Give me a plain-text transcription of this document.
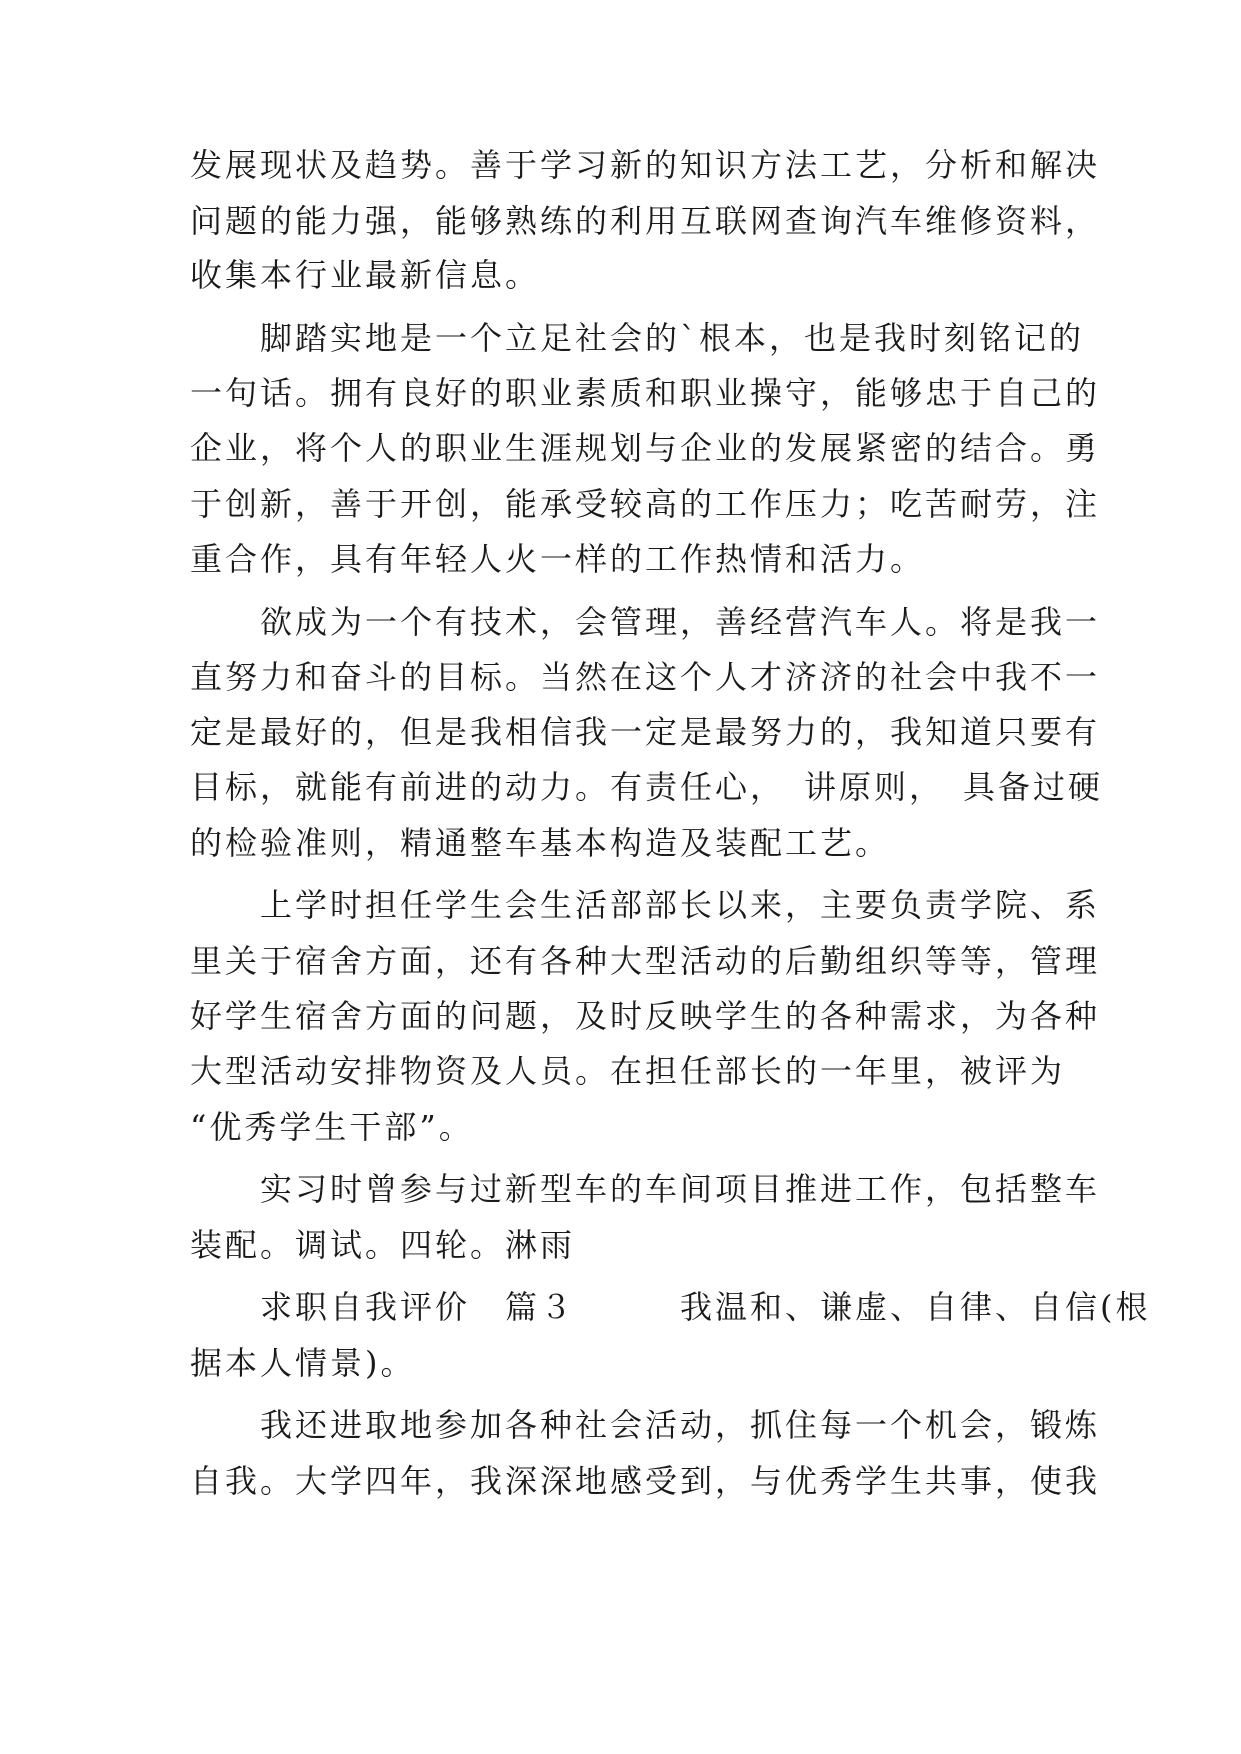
发展现状及趋势。善于学习新的知识方法工艺，分析和解决
问题的能力强，能够熟练的利用互联网查询汽车维修资料，
收集本行业最新信息。
　　脚踏实地是一个立足社会的`根本，也是我时刻铭记的
一句话。拥有良好的职业素质和职业操守，能够忠于自己的
企业，将个人的职业生涯规划与企业的发展紧密的结合。勇
于创新，善于开创，能承受较高的工作压力；吃苦耐劳，注
重合作，具有年轻人火一样的工作热情和活力。
　　欲成为一个有技术，会管理，善经营汽车人。将是我一
直努力和奋斗的目标。当然在这个人才济济的社会中我不一
定是最好的，但是我相信我一定是最努力的，我知道只要有
目标，就能有前进的动力。有责任心，　讲原则，　具备过硬
的检验准则，精通整车基本构造及装配工艺。
　　上学时担任学生会生活部部长以来，主要负责学院、系
里关于宿舍方面，还有各种大型活动的后勤组织等等，管理
好学生宿舍方面的问题，及时反映学生的各种需求，为各种
大型活动安排物资及人员。在担任部长的一年里，被评为
“优秀学生干部”。
　　实习时曾参与过新型车的车间项目推进工作，包括整车
装配。调试。四轮。淋雨
　　求职自我评价　篇３　　　我温和、谦虚、自律、自信(根
据本人情景)。
　　我还进取地参加各种社会活动，抓住每一个机会，锻炼
自我。大学四年，我深深地感受到，与优秀学生共事，使我
